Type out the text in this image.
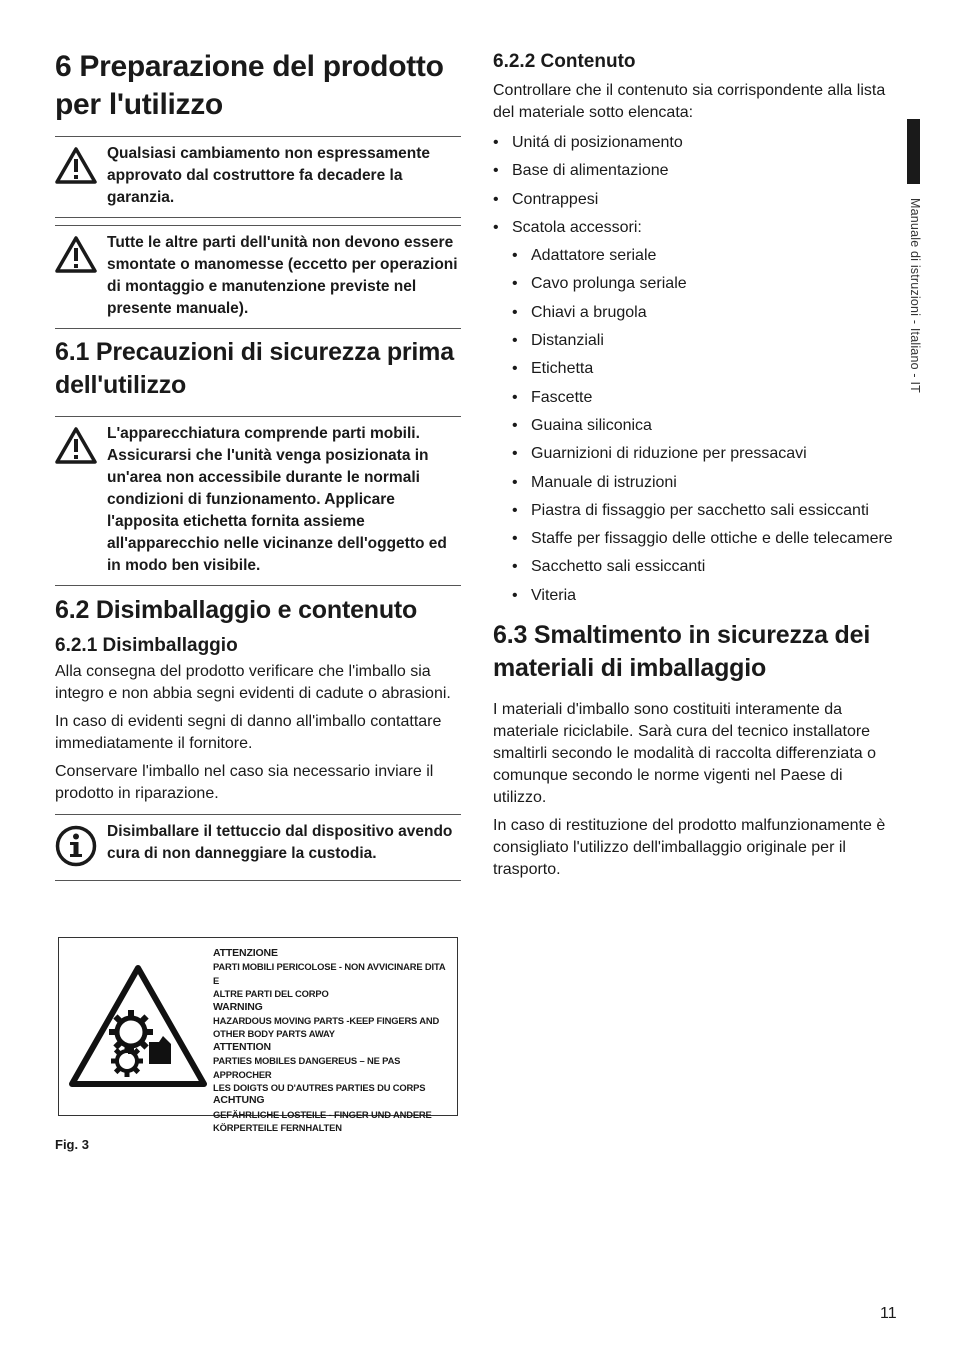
6 Preparazione del prodotto per l'utilizzo
Qualsiasi cambiamento non espressamente approvato dal costruttore fa decadere la garanzia.
Tutte le altre parti dell'unità non devono essere smontate o manomesse (eccetto per operazioni di montaggio e manutenzione previste nel presente manuale).
6.1 Precauzioni di sicurezza prima dell'utilizzo
L'apparecchiatura comprende parti mobili. Assicurarsi che l'unità venga posizionata in un'area non accessibile durante le normali condizioni di funzionamento. Applicare l'apposita etichetta fornita assieme all'apparecchio nelle vicinanze dell'oggetto ed in modo ben visibile.
6.2 Disimballaggio e contenuto
6.2.1 Disimballaggio

Alla consegna del prodotto verificare che l'imballo sia integro e non abbia segni evidenti di cadute o abrasioni.

In caso di evidenti segni di danno all'imballo contattare immediatamente il fornitore.

Conservare l'imballo nel caso sia necessario inviare il prodotto in riparazione.

Disimballare il tettuccio dal dispositivo avendo cura di non danneggiare la custodia.
ATTENZIONE
PARTI MOBILI PERICOLOSE - NON AVVICINARE DITA E
ALTRE PARTI DEL CORPO
WARNING
HAZARDOUS MOVING PARTS -KEEP FINGERS AND
OTHER BODY PARTS AWAY
ATTENTION
PARTIES MOBILES DANGEREUS – NE PAS APPROCHER
LES DOIGTS OU D'AUTRES PARTIES DU CORPS
ACHTUNG
GEFÄHRLICHE LOSTEILE - FINGER UND ANDERE
KÖRPERTEILE FERNHALTEN
Fig. 3
6.2.2 Contenuto

Controllare che il contenuto sia corrispondente alla lista del materiale sotto elencata:

• Unitá di posizionamento
• Base di alimentazione
• Contrappesi
• Scatola accessori:
• Adattatore seriale
• Cavo prolunga seriale
• Chiavi a brugola
• Distanziali
• Etichetta
• Fascette
• Guaina siliconica
• Guarnizioni di riduzione per pressacavi
• Manuale di istruzioni
• Piastra di fissaggio per sacchetto sali essiccanti
• Staffe per fissaggio delle ottiche e delle telecamere
• Sacchetto sali essiccanti
• Viteria
6.3 Smaltimento in sicurezza dei materiali di imballaggio

I materiali d'imballo sono costituiti interamente da materiale riciclabile. Sarà cura del tecnico installatore smaltirli secondo le modalità di raccolta differenziata o comunque secondo le norme vigenti nel Paese di utilizzo.

In caso di restituzione del prodotto malfunzionamente è consigliato l'utilizzo dell'imballaggio originale per il trasporto.

Manuale di istruzioni - Italiano - IT
11
